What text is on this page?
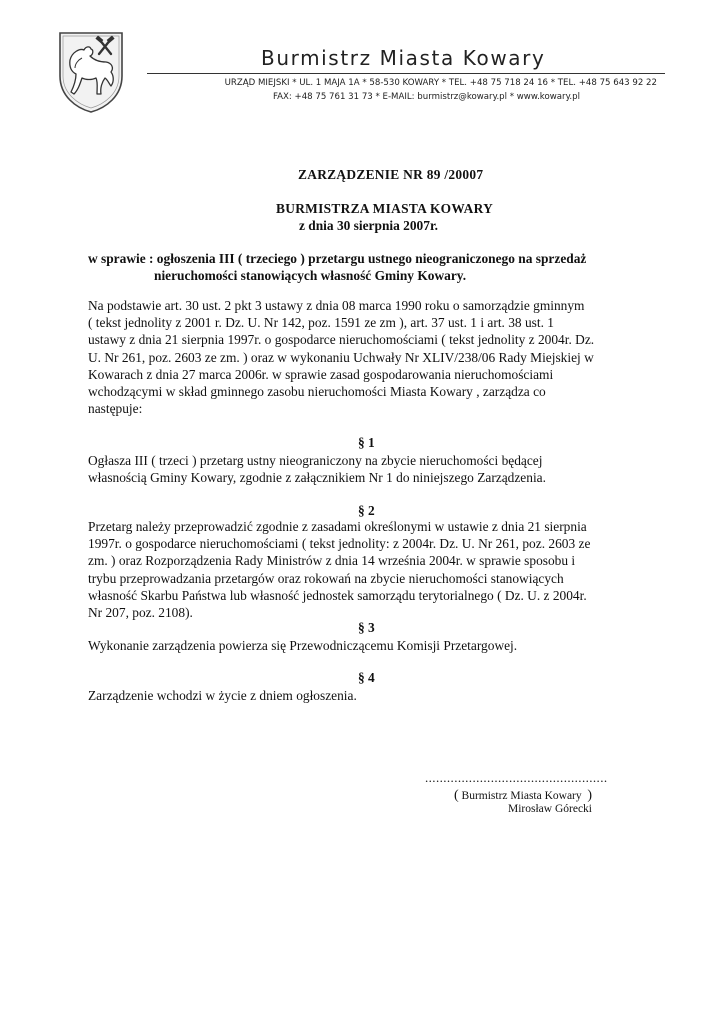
Burmistrz Miasta Kowary
URZĄD MIEJSKI * UL. 1 MAJA 1A * 58-530 KOWARY * TEL. +48 75 718 24 16 * TEL. +48 75 643 92 22
FAX: +48 75 761 31 73 * E-MAIL: burmistrz@kowary.pl * www.kowary.pl
ZARZĄDZENIE NR 89 /20007
BURMISTRZA MIASTA KOWARY
z dnia 30 sierpnia 2007r.
w sprawie : ogłoszenia III ( trzeciego ) przetargu ustnego nieograniczonego na sprzedaż
nieruchomości stanowiących własność Gminy Kowary.
Na podstawie art. 30 ust. 2 pkt 3 ustawy z dnia 08 marca 1990 roku o samorządzie gminnym
( tekst jednolity z 2001 r. Dz. U. Nr 142, poz. 1591 ze zm ), art. 37 ust. 1 i art. 38 ust. 1
ustawy z dnia 21 sierpnia 1997r. o gospodarce nieruchomościami ( tekst jednolity z 2004r. Dz.
U. Nr 261, poz. 2603 ze zm. ) oraz w wykonaniu Uchwały Nr XLIV/238/06 Rady Miejskiej w
Kowarach z dnia 27 marca 2006r. w sprawie zasad gospodarowania nieruchomościami
wchodzącymi w skład gminnego zasobu nieruchomości Miasta Kowary , zarządza co
następuje:
§ 1
Ogłasza III ( trzeci ) przetarg ustny nieograniczony na zbycie nieruchomości będącej
własnością Gminy Kowary, zgodnie z załącznikiem Nr 1 do niniejszego Zarządzenia.
§ 2
Przetarg należy przeprowadzić zgodnie z zasadami określonymi w ustawie z dnia 21 sierpnia
1997r. o gospodarce nieruchomościami ( tekst jednolity: z 2004r. Dz. U. Nr 261, poz. 2603 ze
zm. ) oraz Rozporządzenia Rady Ministrów z dnia 14 września 2004r. w sprawie sposobu i
trybu przeprowadzania przetargów oraz rokowań na zbycie nieruchomości stanowiących
własność Skarbu Państwa lub własność jednostek samorządu terytorialnego ( Dz. U. z 2004r.
Nr 207, poz. 2108).
§ 3
Wykonanie zarządzenia powierza się Przewodniczącemu Komisji Przetargowej.
§ 4
Zarządzenie wchodzi w życie z dniem ogłoszenia.
..................................................
( Burmistrz Miasta Kowary  )
Mirosław Górecki
